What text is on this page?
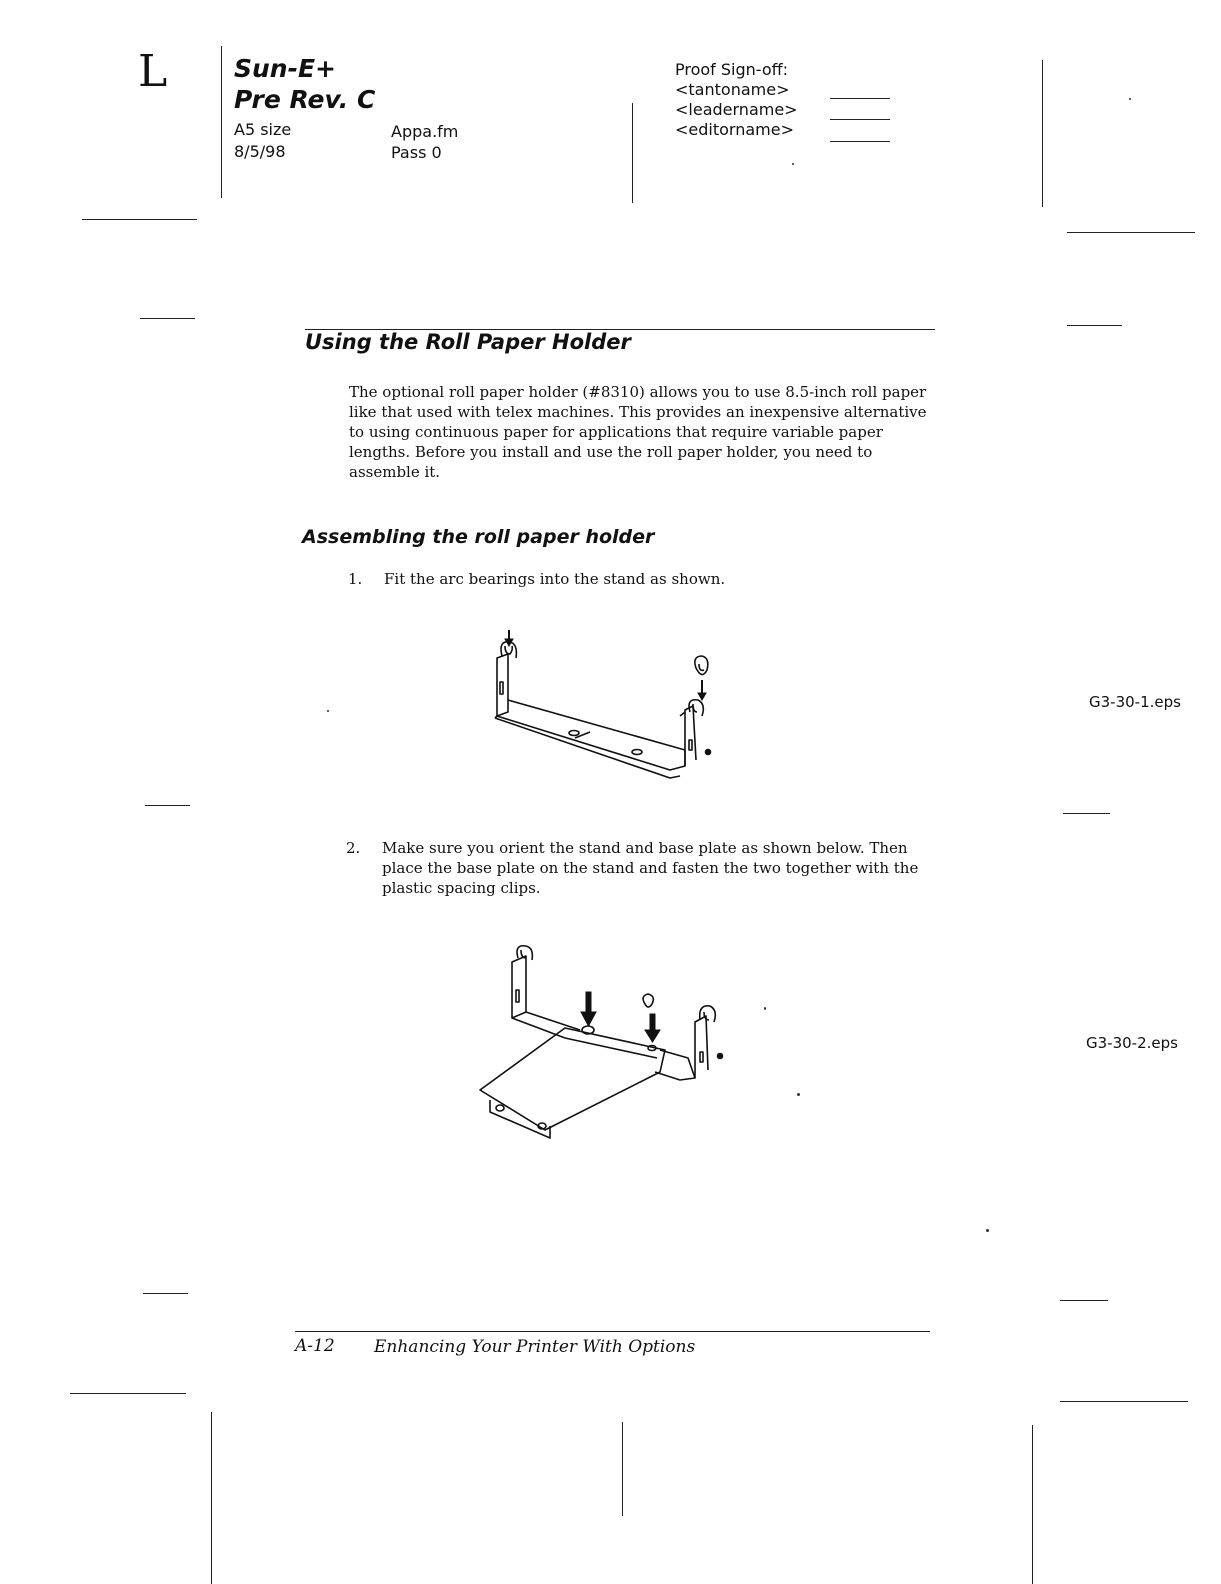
L	Sun-E+
Pre Rev. C
A5 size
8/5/98
Appa.fm
Pass 0
Proof Sign-off:
<tantoname>
<leadername>
<editorname>
Using the Roll Paper Holder
The optional roll paper holder (#8310) allows you to use 8.5-inch roll paper
like that used with telex machines. This provides an inexpensive alternative
to using continuous paper for applications that require variable paper
lengths. Before you install and use the roll paper holder, you need to
assemble it.
Assembling the roll paper holder
1. Fit the arc bearings into the stand as shown.
G3-30-1.eps
2. Make sure you orient the stand and base plate as shown below. Then
place the base plate on the stand and fasten the two together with the
plastic spacing clips.
G3-30-2.eps
A-12 Enhancing Your Printer With Options
